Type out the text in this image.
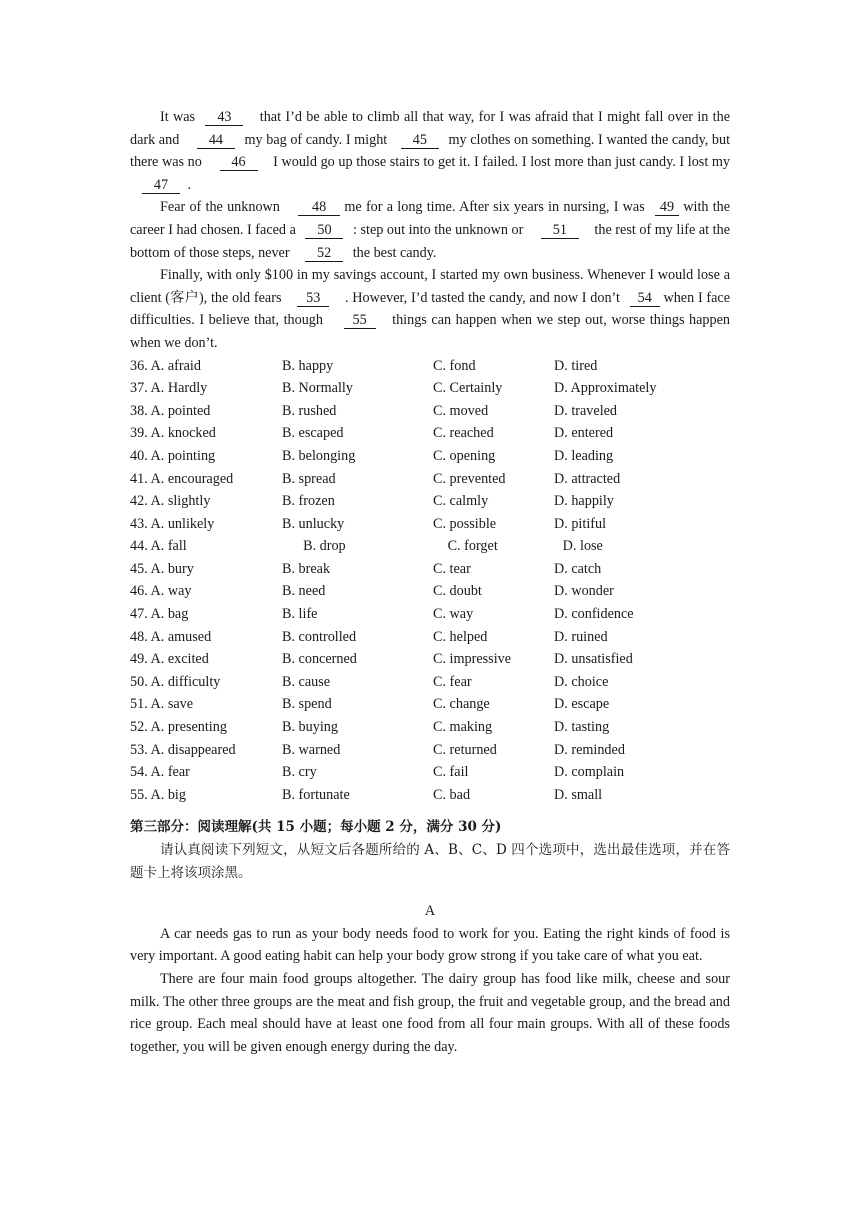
It was 43 that I’d be able to climb all that way, for I was afraid that I might fall over in the dark and 44 my bag of candy. I might 45 my clothes on something. I wanted the candy, but there was no 46 I would go up those stairs to get it. I failed. I lost more than just candy. I lost my 47 .

Fear of the unknown 48 me for a long time. After six years in nursing, I was 49 with the career I had chosen. I faced a 50 : step out into the unknown or 51 the rest of my life at the bottom of those steps, never 52 the best candy.

Finally, with only $100 in my savings account, I started my own business. Whenever I would lose a client (客户), the old fears 53 . However, I’d tasted the candy, and now I don’t 54 when I face difficulties. I believe that, though 55 things can happen when we step out, worse things happen when we don’t.

36. A. afraid	B. happy	C. fond	D. tired
37. A. Hardly	B. Normally	C. Certainly	D. Approximately
38. A. pointed	B. rushed	C. moved	D. traveled
39. A. knocked	B. escaped	C. reached	D. entered
40. A. pointing	B. belonging	C. opening	D. leading
41. A. encouraged	B. spread	C. prevented	D. attracted
42. A. slightly	B. frozen	C. calmly	D. happily
43. A. unlikely	B. unlucky	C. possible	D. pitiful
44. A. fall	B. drop	C. forget	D. lose
45. A. bury	B. break	C. tear	D. catch
46. A. way	B. need	C. doubt	D. wonder
47. A. bag	B. life	C. way	D. confidence
48. A. amused	B. controlled	C. helped	D. ruined
49. A. excited	B. concerned	C. impressive	D. unsatisfied
50. A. difficulty	B. cause	C. fear	D. choice
51. A. save	B. spend	C. change	D. escape
52. A. presenting	B. buying	C. making	D. tasting
53. A. disappeared	B. warned	C. returned	D. reminded
54. A. fear	B. cry	C. fail	D. complain
55. A. big	B. fortunate	C. bad	D. small
第三部分：阅读理解(共 15 小题；每小题 2 分，满分 30 分)

请认真阅读下列短文，从短文后各题所给的 A、B、C、D 四个选项中，选出最佳选项，并在答题卡上将该项涂黑。

A

A car needs gas to run as your body needs food to work for you. Eating the right kinds of food is very important. A good eating habit can help your body grow strong if you take care of what you eat.

There are four main food groups altogether. The dairy group has food like milk, cheese and sour milk. The other three groups are the meat and fish group, the fruit and vegetable group, and the bread and rice group. Each meal should have at least one food from all four main groups. With all of these foods together, you will be given enough energy during the day.
